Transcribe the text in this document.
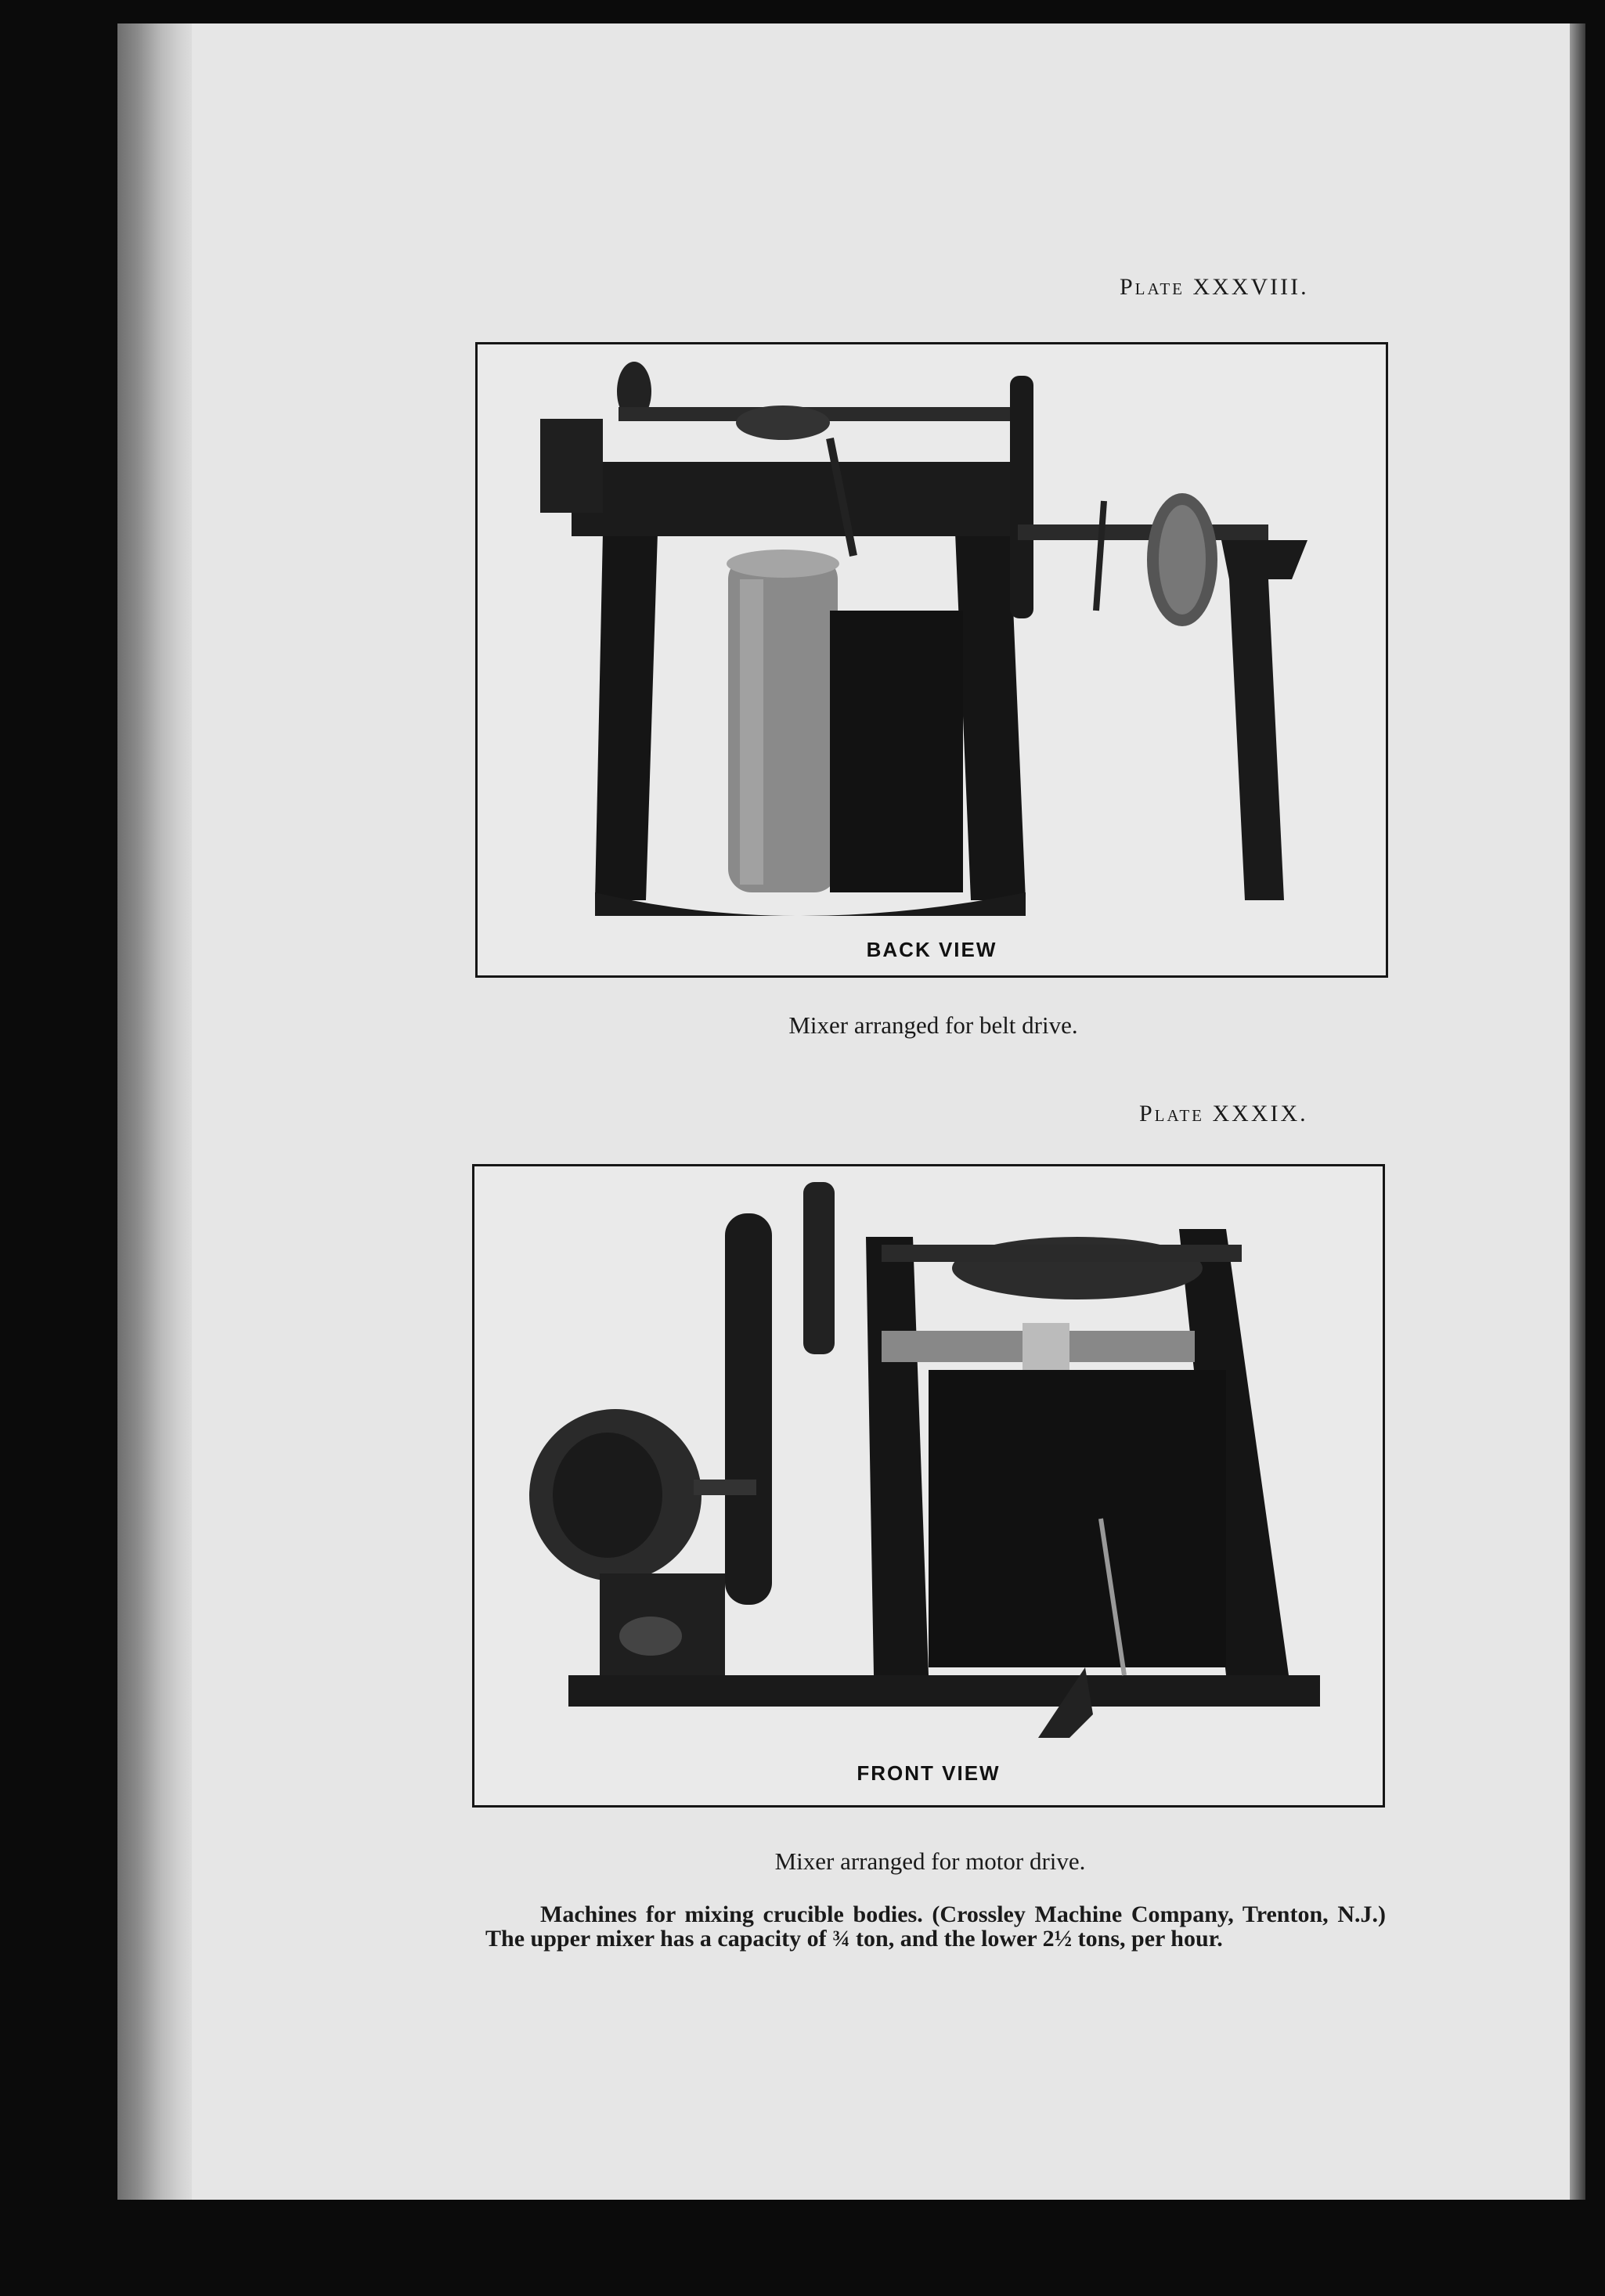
Plate XXXVIII.
BACK VIEW
Mixer arranged for belt drive.
Plate XXXIX.
FRONT VIEW
Mixer arranged for motor drive.
Machines for mixing crucible bodies. (Crossley Machine Company, Trenton, N.J.) The upper mixer has a capacity of ¾ ton, and the lower 2½ tons, per hour.
